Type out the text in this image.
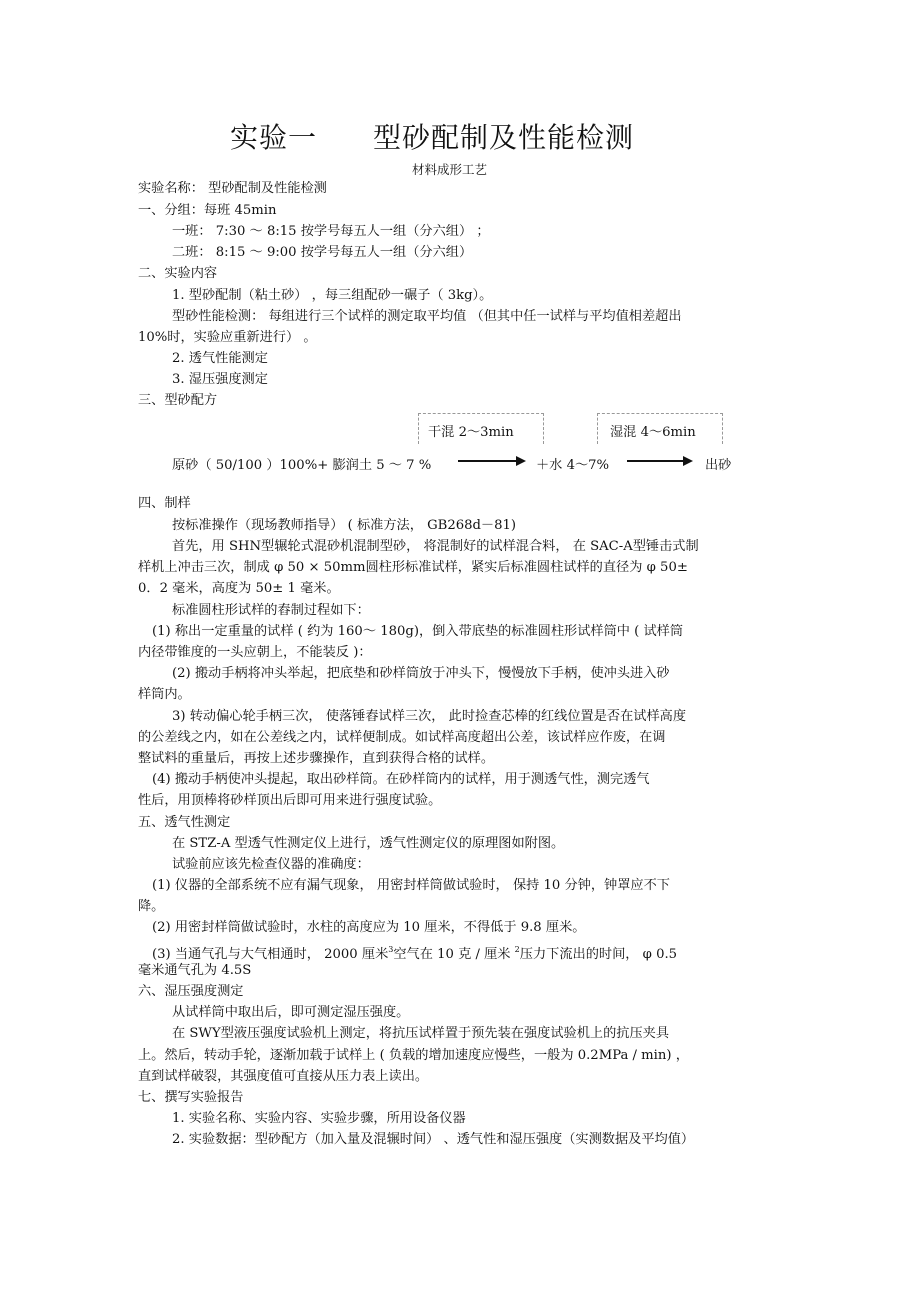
实验一 型砂配制及性能检测
材料成形工艺
实验名称： 型砂配制及性能检测
一、分组：每班 45min
一班： 7:30 ～ 8:15 按学号每五人一组（分六组） ；
二班： 8:15 ～ 9:00 按学号每五人一组（分六组）
二、实验内容
1. 型砂配制（粘土砂） ，每三组配砂一碾子（ 3kg）。
型砂性能检测： 每组进行三个试样的测定取平均值 （但其中任一试样与平均值相差超出
10%时，实验应重新进行） 。
2. 透气性能测定
3. 湿压强度测定
三、型砂配方
干混 2～3min	湿混 4～6min
原砂（ 50/100 ）100%+ 膨润土 5 ～ 7 %	＋水 4～7%	出砂
四、制样
按标准操作（现场教师指导） ( 标准方法， GB268d－81)
首先，用 SHN型辗轮式混砂机混制型砂， 将混制好的试样混合料， 在 SAC-A型锤击式制
样机上冲击三次，制成 φ 50 × 50mm圆柱形标准试样，紧实后标准圆柱试样的直径为 φ 50±
0．2 毫米，高度为 50± 1 毫米。
标准圆柱形试样的舂制过程如下：
(1) 称出一定重量的试样 ( 约为 160～ 180g)，倒入带底垫的标准圆柱形试样筒中 ( 试样筒
内径带锥度的一头应朝上，不能装反 )：
(2) 搬动手柄将冲头举起，把底垫和砂样筒放于冲头下，慢慢放下手柄，使冲头进入砂
样筒内。
3) 转动偏心轮手柄三次， 使落锤舂试样三次， 此时捡查芯棒的红线位置是否在试样高度
的公差线之内，如在公差线之内，试样便制成。如试样高度超出公差，该试样应作废，在调
整试料的重量后，再按上述步骤操作，直到获得合格的试样。
(4) 搬动手柄使冲头提起，取出砂样筒。在砂样筒内的试样，用于测透气性，测完透气
性后，用顶棒将砂样顶出后即可用来进行强度试验。
五、透气性测定
在 STZ-A 型透气性测定仪上进行，透气性测定仪的原理图如附图。
试验前应该先检查仪器的准确度：
(1) 仪器的全部系统不应有漏气现象， 用密封样筒做试验时， 保持 10 分钟，钟罩应不下
降。
(2) 用密封样筒做试验时，水柱的高度应为 10 厘米，不得低于 9.8 厘米。
(3) 当通气孔与大气相通时， 2000 厘米$^3$空气在 10 克 / 厘米 $^2$压力下流出的时间， φ 0.5
毫米通气孔为 4.5S
六、湿压强度测定
从试样筒中取出后，即可测定湿压强度。
在 SWY型液压强度试验机上测定，将抗压试样置于预先装在强度试验机上的抗压夹具
上。然后，转动手轮，逐渐加载于试样上 ( 负载的增加速度应慢些，一般为 0.2MPa / min) ，
直到试样破裂，其强度值可直接从压力表上读出。
七、撰写实验报告
1. 实验名称、实验内容、实验步骤，所用设备仪器
2. 实验数据：型砂配方（加入量及混辗时间） 、透气性和湿压强度（实测数据及平均值）
